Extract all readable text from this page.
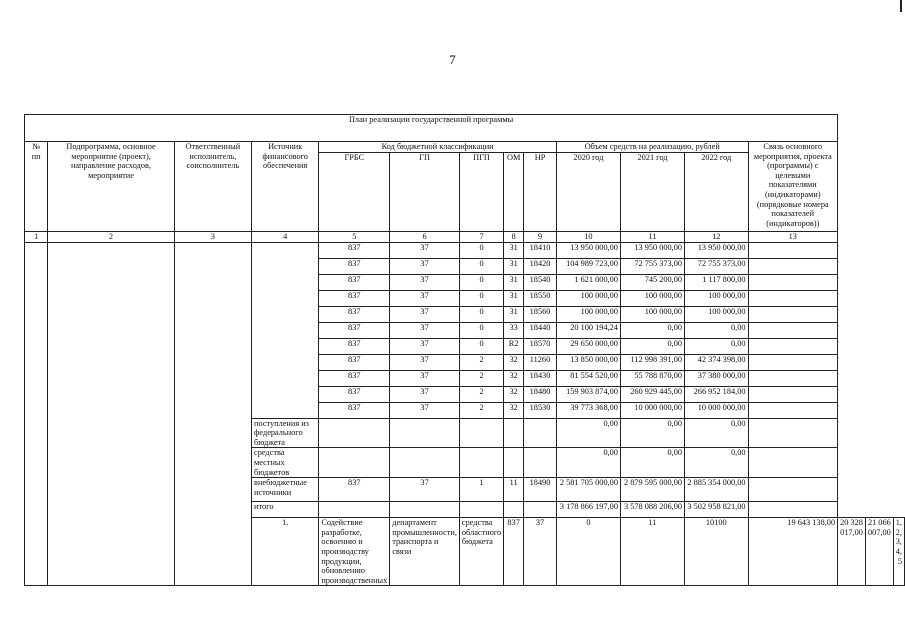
7
План реализации государственной программы															
№ пп	Подпрограмма, основное мероприятие (проект), направление расходов, мероприятие	Ответственный исполнитель, соисполнитель	Источник финансового обеспечения	Код бюджетной классификации					Объем средств на реализацию, рублей			Связь основного мероприятия, проекта (программы) с целевыми показателями (индикаторами) (порядковые номера показателей (индикаторов))			
				ГРБС	ГП	ПГП	ОМ	НР	2020 год	2021 год	2022 год				
1	2	3	4	5	6	7	8	9	10	11	12	13			
				837	37	0	31	18410	13 950 000,00	13 950 000,00	13 950 000,00				
				837	37	0	31	18420	104 989 723,00	72 755 373,00	72 755 373,00				
				837	37	0	31	18540	1 621 000,00	745 200,00	1 117 800,00				
				837	37	0	31	18550	100 000,00	100 000,00	100 000,00				
				837	37	0	31	18560	100 000,00	100 000,00	100 000,00				
				837	37	0	33	18440	20 100 194,24	0,00	0,00				
				837	37	0	R2	18570	29 650 000,00	0,00	0,00				
				837	37	2	32	11260	13 850 000,00	112 998 391,00	42 374 398,00				
				837	37	2	32	18430	81 554 520,00	55 788 870,00	37 380 000,00				
				837	37	2	32	18480	159 903 874,00	260 929 445,00	266 952 184,00				
				837	37	2	32	18530	39 773 368,00	10 000 000,00	10 000 000,00				
			поступления из федерального бюджета						0,00	0,00	0,00				
			средства местных бюджетов						0,00	0,00	0,00				
			внебюджетные источники	837	37	1	11	18490	2 581 705 000,00	2 879 595 000,00	2 885 354 000,00				
			итого						3 178 866 197,00	3 578 088 206,00	3 502 958 821,00				
			1.	Содействие разработке, освоению и производству продукции, обновлению производственных	департамент промышленности, транспорта и связи	средства областного бюджета	837	37	0	11	10100	19 643 138,00	20 328 017,00	21 066 007,00	1, 2, 3, 4, 5
